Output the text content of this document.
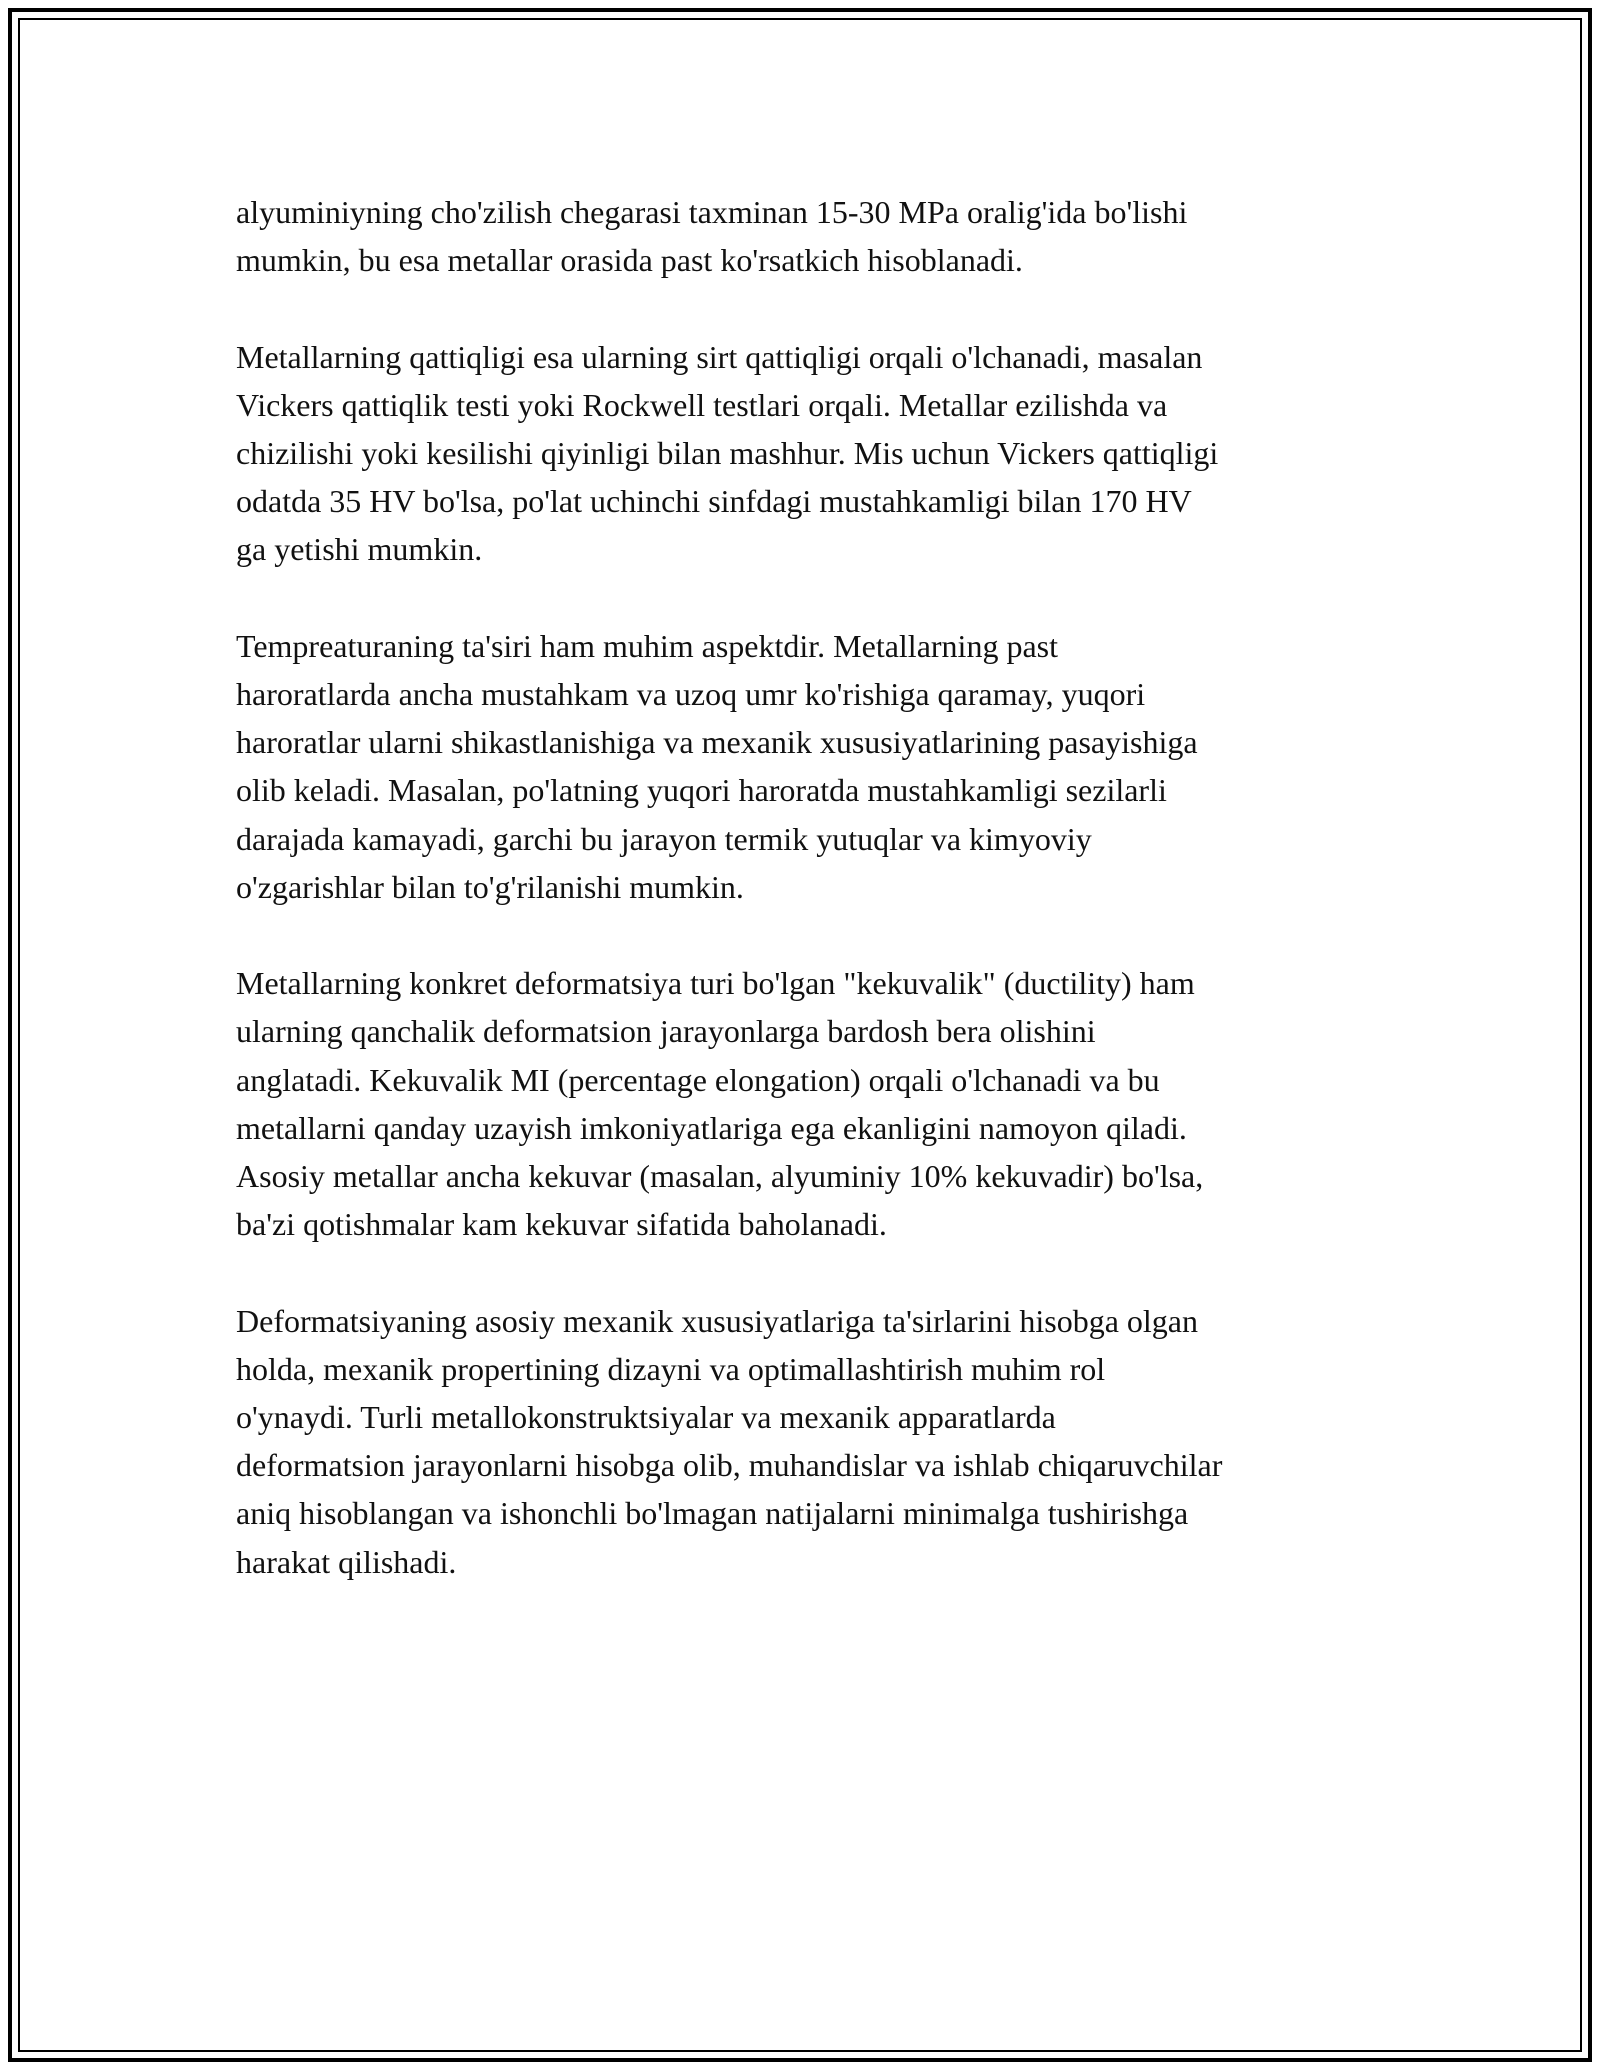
alyuminiyning cho'zilish chegarasi taxminan 15-30 MPa oralig'ida bo'lishi
mumkin, bu esa metallar orasida past ko'rsatkich hisoblanadi.

Metallarning qattiqligi esa ularning sirt qattiqligi orqali o'lchanadi, masalan
Vickers qattiqlik testi yoki Rockwell testlari orqali. Metallar ezilishda va
chizilishi yoki kesilishi qiyinligi bilan mashhur. Mis uchun Vickers qattiqligi
odatda 35 HV bo'lsa, po'lat uchinchi sinfdagi mustahkamligi bilan 170 HV
ga yetishi mumkin.

Tempreaturaning ta'siri ham muhim aspektdir. Metallarning past
haroratlarda ancha mustahkam va uzoq umr ko'rishiga qaramay, yuqori
haroratlar ularni shikastlanishiga va mexanik xususiyatlarining pasayishiga
olib keladi. Masalan, po'latning yuqori haroratda mustahkamligi sezilarli
darajada kamayadi, garchi bu jarayon termik yutuqlar va kimyoviy
o'zgarishlar bilan to'g'rilanishi mumkin.

Metallarning konkret deformatsiya turi bo'lgan "kekuvalik" (ductility) ham
ularning qanchalik deformatsion jarayonlarga bardosh bera olishini
anglatadi. Kekuvalik MI (percentage elongation) orqali o'lchanadi va bu
metallarni qanday uzayish imkoniyatlariga ega ekanligini namoyon qiladi.
Asosiy metallar ancha kekuvar (masalan, alyuminiy 10% kekuvadir) bo'lsa,
ba'zi qotishmalar kam kekuvar sifatida baholanadi.

Deformatsiyaning asosiy mexanik xususiyatlariga ta'sirlarini hisobga olgan
holda, mexanik propertining dizayni va optimallashtirish muhim rol
o'ynaydi. Turli metallokonstruktsiyalar va mexanik apparatlarda
deformatsion jarayonlarni hisobga olib, muhandislar va ishlab chiqaruvchilar
aniq hisoblangan va ishonchli bo'lmagan natijalarni minimalga tushirishga
harakat qilishadi.
